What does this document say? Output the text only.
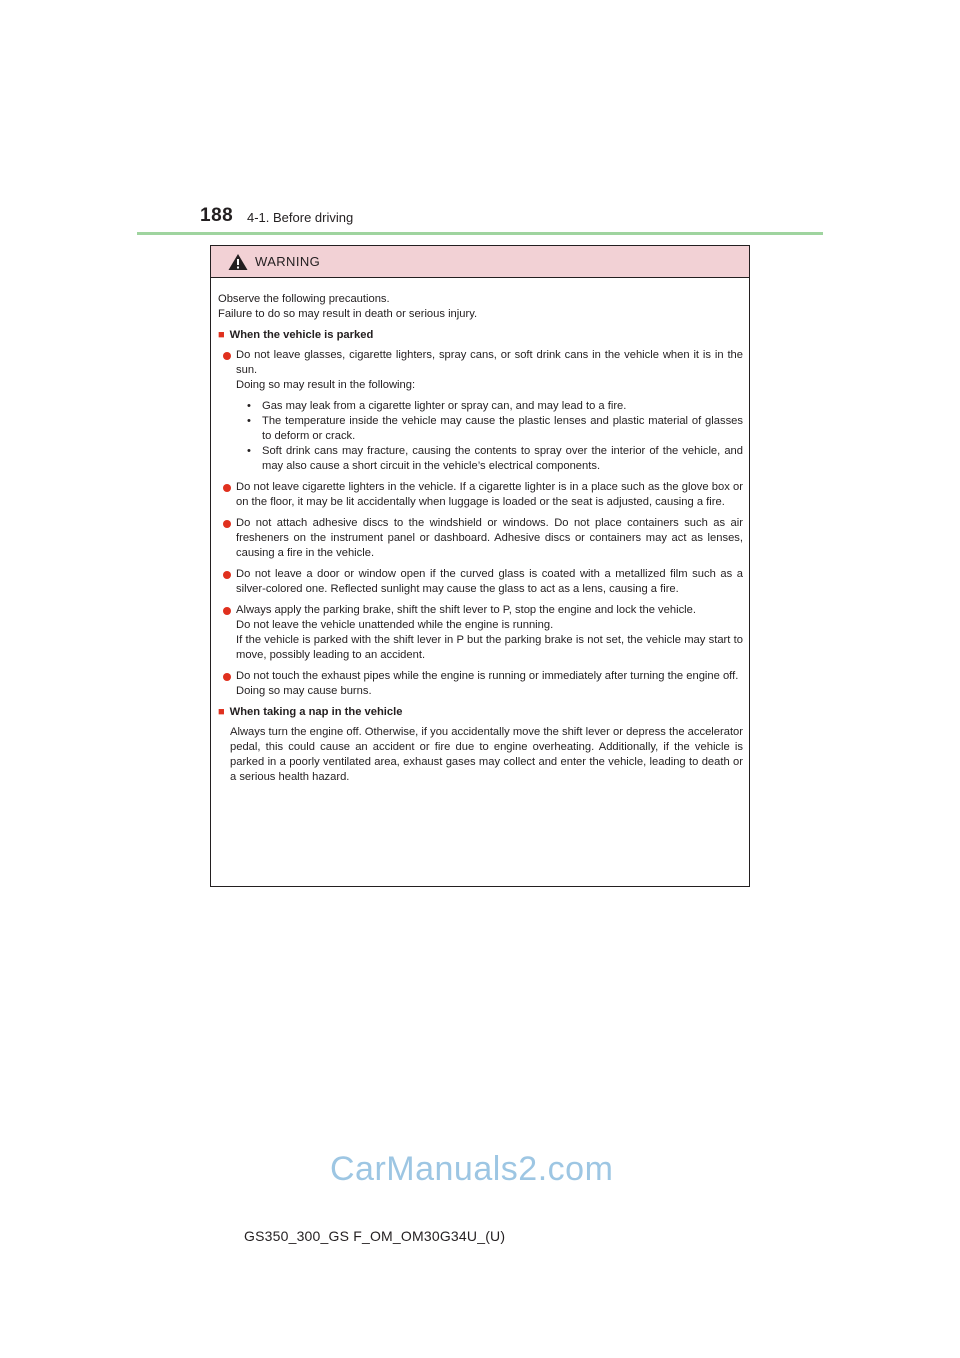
188 4-1. Before driving
WARNING
Observe the following precautions.
Failure to do so may result in death or serious injury.
■ When the vehicle is parked

Do not leave glasses, cigarette lighters, spray cans, or soft drink cans in the vehicle when it is in the sun.

Doing so may result in the following:

• Gas may leak from a cigarette lighter or spray can, and may lead to a fire.
• The temperature inside the vehicle may cause the plastic lenses and plastic material of glasses to deform or crack.
• Soft drink cans may fracture, causing the contents to spray over the interior of the vehicle, and may also cause a short circuit in the vehicle’s electrical components.

Do not leave cigarette lighters in the vehicle. If a cigarette lighter is in a place such as the glove box or on the floor, it may be lit accidentally when luggage is loaded or the seat is adjusted, causing a fire.

Do not attach adhesive discs to the windshield or windows. Do not place containers such as air fresheners on the instrument panel or dashboard. Adhesive discs or containers may act as lenses, causing a fire in the vehicle.

Do not leave a door or window open if the curved glass is coated with a metallized film such as a silver-colored one. Reflected sunlight may cause the glass to act as a lens, causing a fire.

Always apply the parking brake, shift the shift lever to P, stop the engine and lock the vehicle.

Do not leave the vehicle unattended while the engine is running.

If the vehicle is parked with the shift lever in P but the parking brake is not set, the vehicle may start to move, possibly leading to an accident.

Do not touch the exhaust pipes while the engine is running or immediately after turning the engine off.

Doing so may cause burns.

■ When taking a nap in the vehicle

Always turn the engine off. Otherwise, if you accidentally move the shift lever or depress the accelerator pedal, this could cause an accident or fire due to engine overheating. Additionally, if the vehicle is parked in a poorly ventilated area, exhaust gases may collect and enter the vehicle, leading to death or a serious health hazard.

CarManuals2.com
GS350_300_GS F_OM_OM30G34U_(U)
